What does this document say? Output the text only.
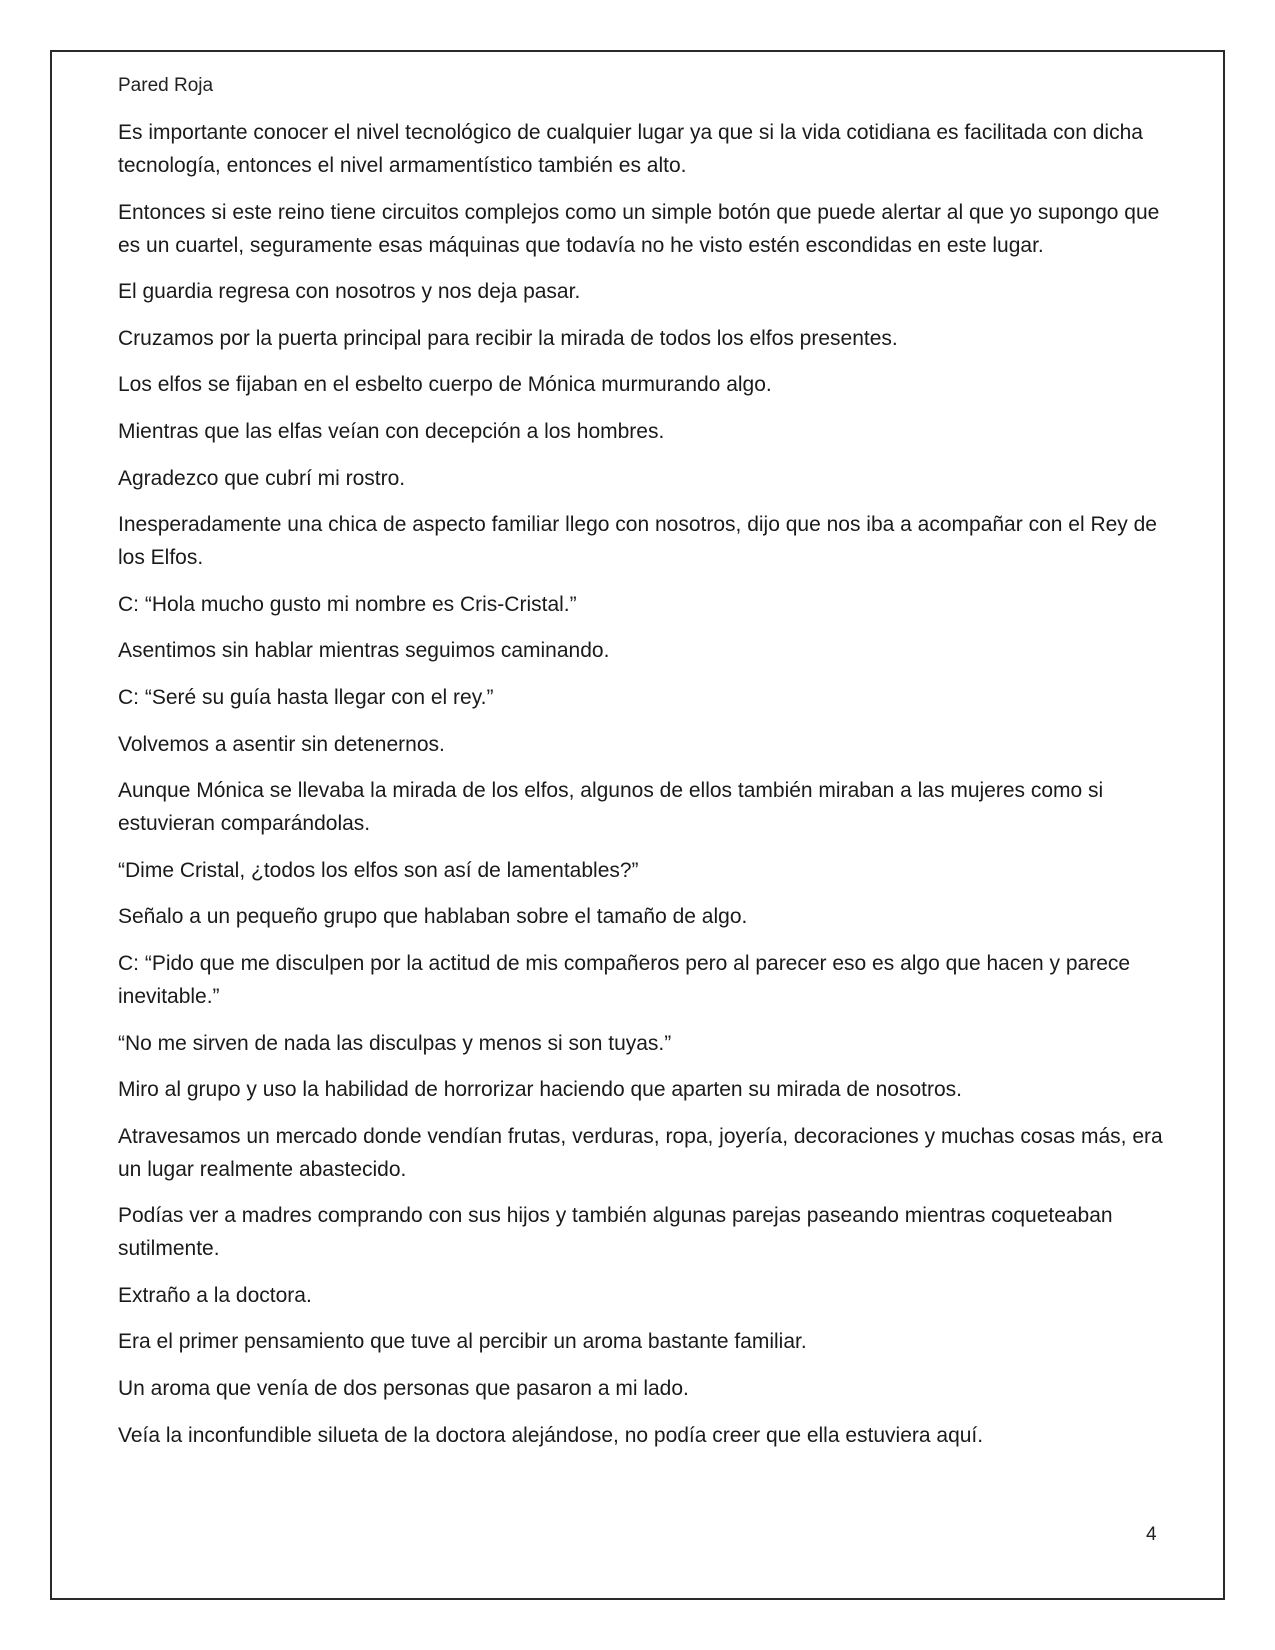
Pared Roja

Es importante conocer el nivel tecnológico de cualquier lugar ya que si la vida cotidiana es facilitada con dicha tecnología, entonces el nivel armamentístico también es alto.

Entonces si este reino tiene circuitos complejos como un simple botón que puede alertar al que yo supongo que es un cuartel, seguramente esas máquinas que todavía no he visto estén escondidas en este lugar.

El guardia regresa con nosotros y nos deja pasar.

Cruzamos por la puerta principal para recibir la mirada de todos los elfos presentes.

Los elfos se fijaban en el esbelto cuerpo de Mónica murmurando algo.

Mientras que las elfas veían con decepción a los hombres.

Agradezco que cubrí mi rostro.

Inesperadamente una chica de aspecto familiar llego con nosotros, dijo que nos iba a acompañar con el Rey de los Elfos.

C: “Hola mucho gusto mi nombre es Cris-Cristal.”

Asentimos sin hablar mientras seguimos caminando.

C: “Seré su guía hasta llegar con el rey.”

Volvemos a asentir sin detenernos.

Aunque Mónica se llevaba la mirada de los elfos, algunos de ellos también miraban a las mujeres como si estuvieran comparándolas.

“Dime Cristal, ¿todos los elfos son así de lamentables?”

Señalo a un pequeño grupo que hablaban sobre el tamaño de algo.

C: “Pido que me disculpen por la actitud de mis compañeros pero al parecer eso es algo que hacen y parece inevitable.”

“No me sirven de nada las disculpas y menos si son tuyas.”

Miro al grupo y uso la habilidad de horrorizar haciendo que aparten su mirada de nosotros.

Atravesamos un mercado donde vendían frutas, verduras, ropa, joyería, decoraciones y muchas cosas más, era un lugar realmente abastecido.

Podías ver a madres comprando con sus hijos y también algunas parejas paseando mientras coqueteaban sutilmente.

Extraño a la doctora.

Era el primer pensamiento que tuve al percibir un aroma bastante familiar.

Un aroma que venía de dos personas que pasaron a mi lado.

Veía la inconfundible silueta de la doctora alejándose, no podía creer que ella estuviera aquí.

4
